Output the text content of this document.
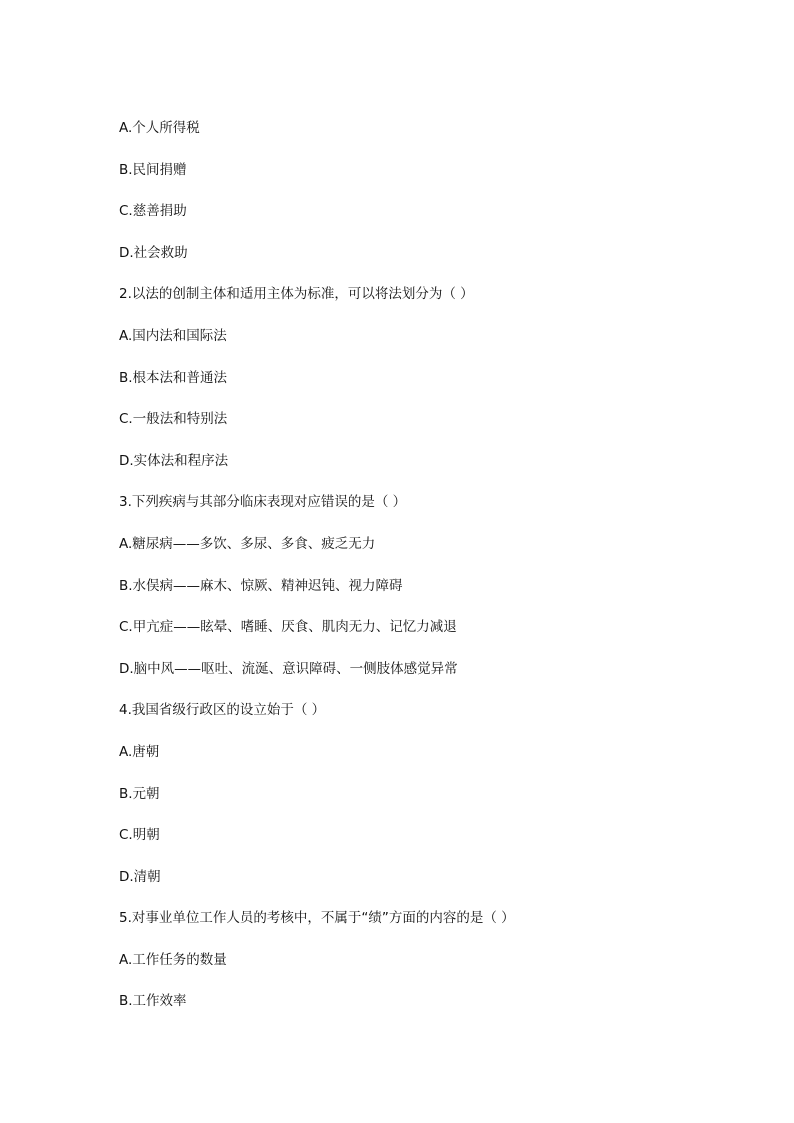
A.个人所得税
B.民间捐赠
C.慈善捐助
D.社会救助
2.以法的创制主体和适用主体为标准，可以将法划分为（ ）
A.国内法和国际法
B.根本法和普通法
C.一般法和特别法
D.实体法和程序法
3.下列疾病与其部分临床表现对应错误的是（ ）
A.糖尿病——多饮、多尿、多食、疲乏无力
B.水俣病——麻木、惊厥、精神迟钝、视力障碍
C.甲亢症——眩晕、嗜睡、厌食、肌肉无力、记忆力减退
D.脑中风——呕吐、流涎、意识障碍、一侧肢体感觉异常
4.我国省级行政区的设立始于（ ）
A.唐朝
B.元朝
C.明朝
D.清朝
5.对事业单位工作人员的考核中，不属于“绩”方面的内容的是（ ）
A.工作任务的数量
B.工作效率
